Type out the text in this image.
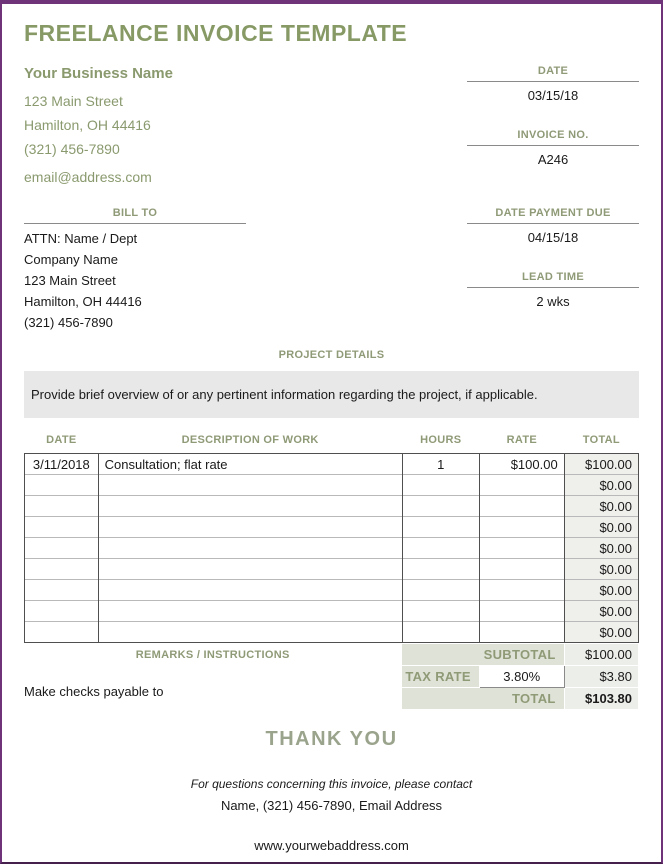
FREELANCE INVOICE TEMPLATE
Your Business Name
123 Main Street
Hamilton, OH 44416
(321) 456-7890
email@address.com
DATE
03/15/18
INVOICE NO.
A246
BILL TO
ATTN: Name / Dept
Company Name
123 Main Street
Hamilton, OH 44416
(321) 456-7890
DATE PAYMENT DUE
04/15/18
LEAD TIME
2 wks
PROJECT DETAILS
Provide brief overview of or any pertinent information regarding the project, if applicable.
DATE	DESCRIPTION OF WORK	HOURS	RATE	TOTAL
3/11/2018	Consultation; flat rate	1	$100.00	$100.00
				$0.00
				$0.00
				$0.00
				$0.00
				$0.00
				$0.00
				$0.00
				$0.00
REMARKS / INSTRUCTIONS
Make checks payable to	SUBTOTAL		$100.00
	TAX RATE	3.80%	$3.80
	TOTAL		$103.80
THANK YOU
For questions concerning this invoice, please contact
Name, (321) 456-7890, Email Address
www.yourwebaddress.com
